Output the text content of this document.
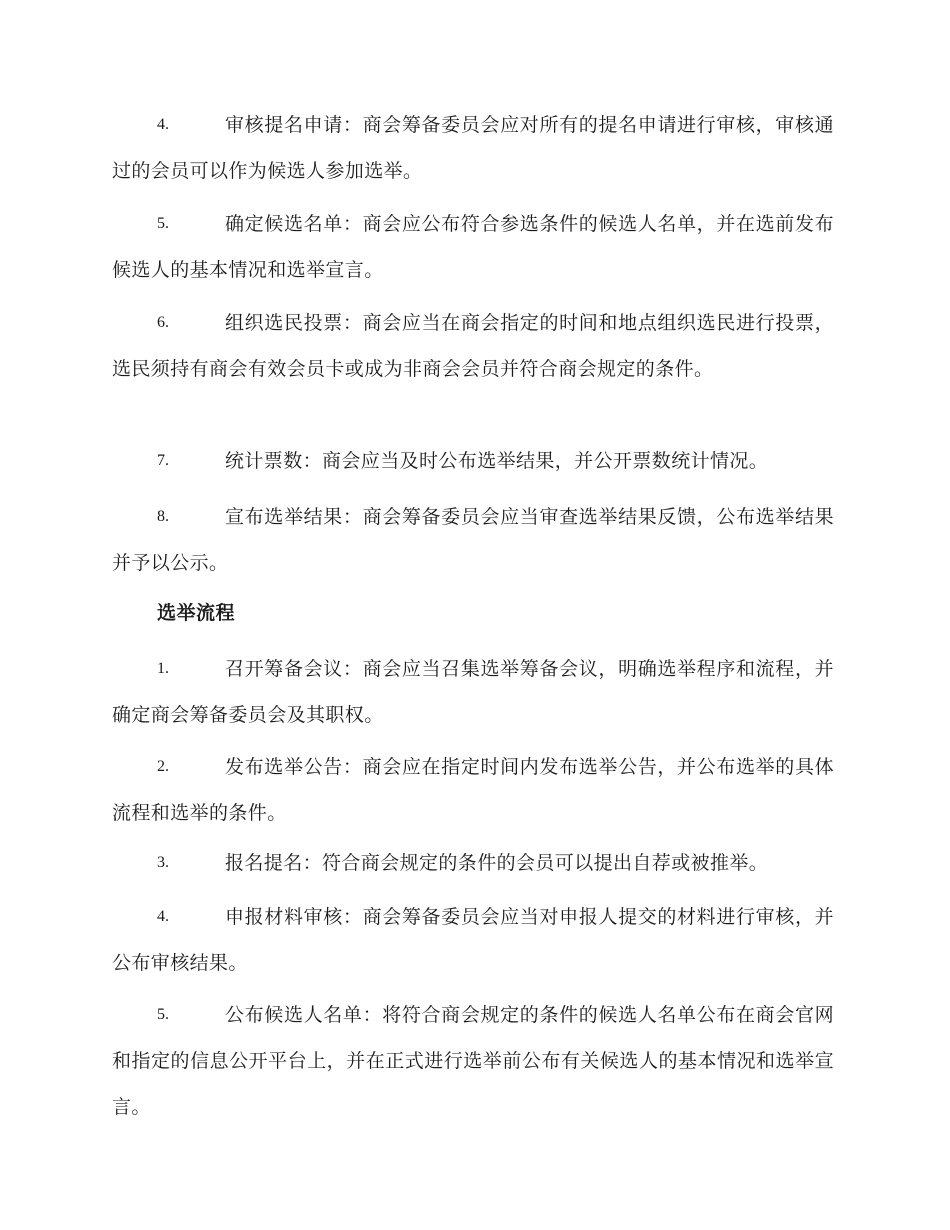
4.	审核提名申请：商会筹备委员会应对所有的提名申请进行审核，审核通过的会员可以作为候选人参加选举。
5.	确定候选名单：商会应公布符合参选条件的候选人名单，并在选前发布候选人的基本情况和选举宣言。
6.	组织选民投票：商会应当在商会指定的时间和地点组织选民进行投票，选民须持有商会有效会员卡或成为非商会会员并符合商会规定的条件。
7.	统计票数：商会应当及时公布选举结果，并公开票数统计情况。
8.	宣布选举结果：商会筹备委员会应当审查选举结果反馈，公布选举结果并予以公示。
选举流程
1.	召开筹备会议：商会应当召集选举筹备会议，明确选举程序和流程，并确定商会筹备委员会及其职权。
2.	发布选举公告：商会应在指定时间内发布选举公告，并公布选举的具体流程和选举的条件。
3.	报名提名：符合商会规定的条件的会员可以提出自荐或被推举。
4.	申报材料审核：商会筹备委员会应当对申报人提交的材料进行审核，并公布审核结果。
5.	公布候选人名单：将符合商会规定的条件的候选人名单公布在商会官网和指定的信息公开平台上，并在正式进行选举前公布有关候选人的基本情况和选举宣言。
